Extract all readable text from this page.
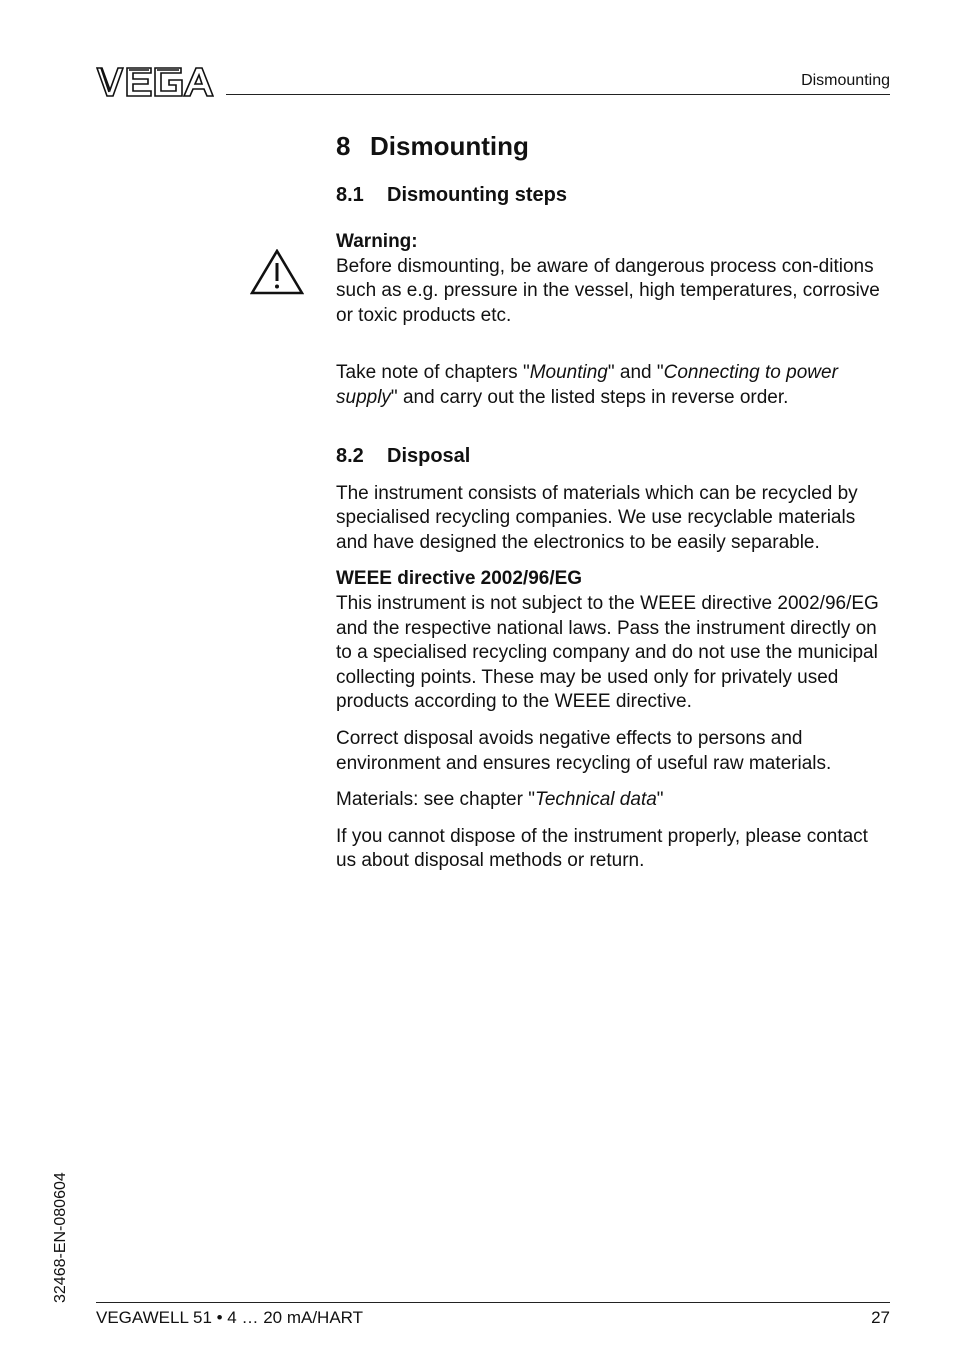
Dismounting
8 Dismounting
8.1 Dismounting steps

Warning:

Before dismounting, be aware of dangerous process con-ditions such as e.g. pressure in the vessel, high temperatures, corrosive or toxic products etc.

Take note of chapters "Mounting" and "Connecting to power supply" and carry out the listed steps in reverse order.

8.2 Disposal

The instrument consists of materials which can be recycled by specialised recycling companies. We use recyclable materials and have designed the electronics to be easily separable.

WEEE directive 2002/96/EG

This instrument is not subject to the WEEE directive 2002/96/EG and the respective national laws. Pass the instrument directly on to a specialised recycling company and do not use the municipal collecting points. These may be used only for privately used products according to the WEEE directive.

Correct disposal avoids negative effects to persons and environment and ensures recycling of useful raw materials.

Materials: see chapter "Technical data"

If you cannot dispose of the instrument properly, please contact us about disposal methods or return.

32468-EN-080604
VEGAWELL 51 • 4 … 20 mA/HART	27
